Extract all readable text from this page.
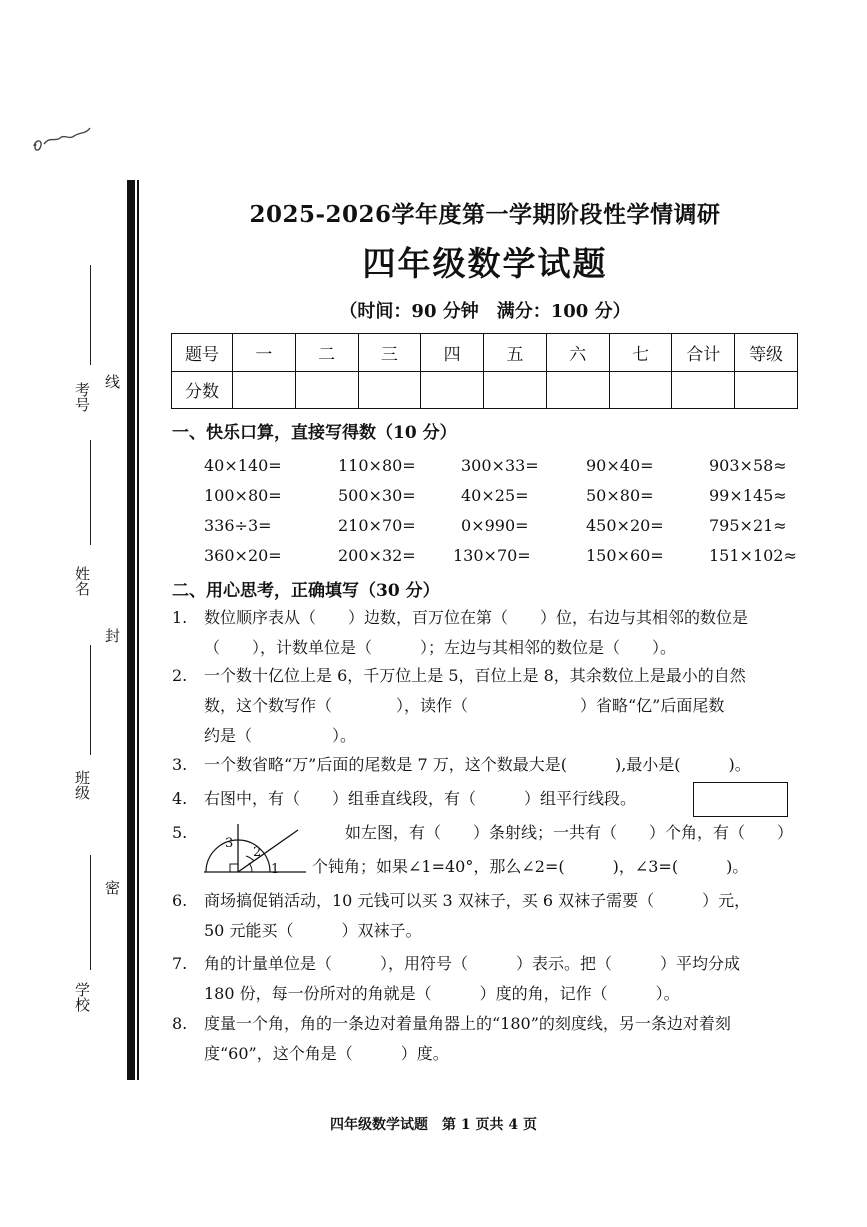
考号
线
姓名
封
班级
密
学校
2025-2026学年度第一学期阶段性学情调研
四年级数学试题
（时间：90 分钟　满分：100 分）
题号	一	二	三	四	五	六	七	合计	等级
分数									
一、快乐口算，直接写得数（10 分）
40×140=	110×80=	300×33=	90×40=	903×58≈
100×80=	500×30=	40×25=	50×80=	99×145≈
336÷3=	210×70=	0×990=	450×20=	795×21≈
360×20=	200×32= 130×70=	150×60=	151×102≈
二、用心思考，正确填写（30 分）
1. 数位顺序表从（　　）边数，百万位在第（　　）位，右边与其相邻的数位是
（　　），计数单位是（　　　）；左边与其相邻的数位是（　　）。
2. 一个数十亿位上是 6，千万位上是 5，百位上是 8，其余数位上是最小的自然
数，这个数写作（　　　　），读作（　　　　　　　）省略“亿”后面尾数
约是（　　　　　）。
3. 一个数省略“万”后面的尾数是 7 万，这个数最大是(　　　),最小是(　　　)。
4. 右图中，有（　　）组垂直线段，有（　　　）组平行线段。
5.
3
2
1
如左图，有（　　）条射线；一共有（　　）个角，有（　　）
个钝角；如果∠1=40°，那么∠2=(　　　)，∠3=(　　　)。
6. 商场搞促销活动，10 元钱可以买 3 双袜子，买 6 双袜子需要（　　　）元，
50 元能买（　　　）双袜子。
7. 角的计量单位是（　　　），用符号（　　　）表示。把（　　　）平均分成
180 份，每一份所对的角就是（　　　）度的角，记作（　　　）。
8. 度量一个角，角的一条边对着量角器上的“180”的刻度线，另一条边对着刻
度“60”，这个角是（　　　）度。
四年级数学试题　第 1 页共 4 页
